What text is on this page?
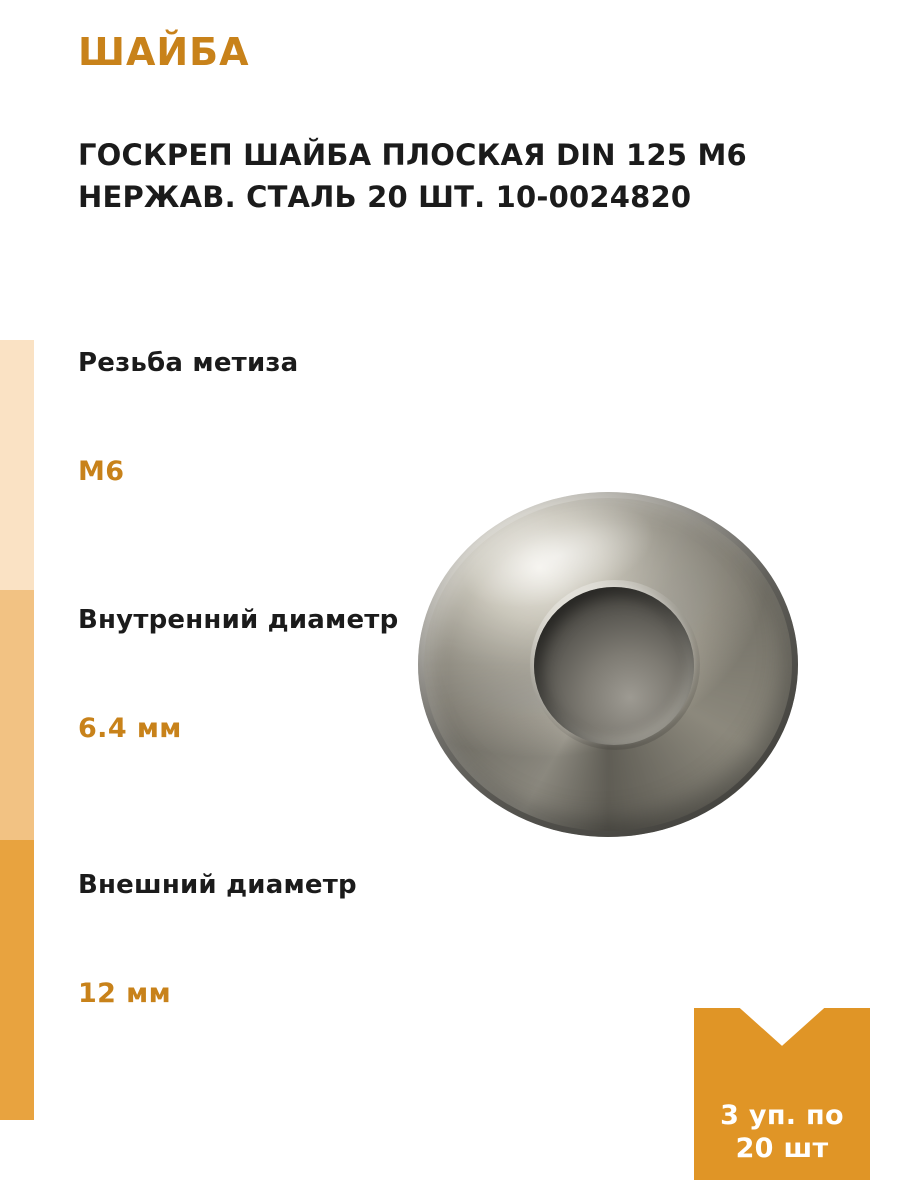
ШАЙБА
ГОСКРЕП ШАЙБА ПЛОСКАЯ DIN 125 М6 НЕРЖАВ. СТАЛЬ 20 ШТ. 10-0024820
Резьба метиза
М6
Внутренний диаметр
6.4 мм
Внешний диаметр
12 мм
3 уп. по
20 шт
